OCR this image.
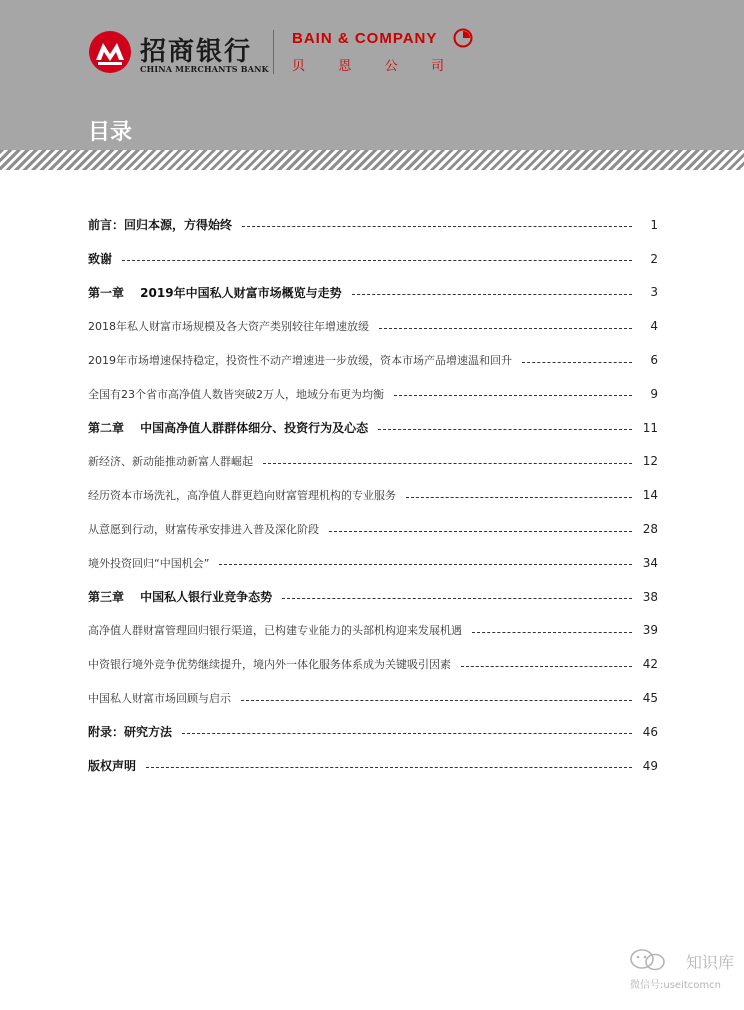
招商银行
CHINA MERCHANTS BANK
BAIN & COMPANY
贝	恩	公	司
目录
前言：回归本源，方得始终	1
致谢	2
第一章　 2019年中国私人财富市场概览与走势	3
2018年私人财富市场规模及各大资产类别较往年增速放缓	4
2019年市场增速保持稳定，投资性不动产增速进一步放缓，资本市场产品增速温和回升	6
全国有23个省市高净值人数皆突破2万人，地域分布更为均衡	9
第二章　 中国高净值人群群体细分、投资行为及心态	11
新经济、新动能推动新富人群崛起	12
经历资本市场洗礼，高净值人群更趋向财富管理机构的专业服务	14
从意愿到行动，财富传承安排进入普及深化阶段	28
境外投资回归“中国机会”	34
第三章　 中国私人银行业竞争态势	38
高净值人群财富管理回归银行渠道，已构建专业能力的头部机构迎来发展机遇	39
中资银行境外竞争优势继续提升，境内外一体化服务体系成为关键吸引因素	42
中国私人财富市场回顾与启示	45
附录：研究方法	46
版权声明	49
知识库
微信号:useitcomcn
